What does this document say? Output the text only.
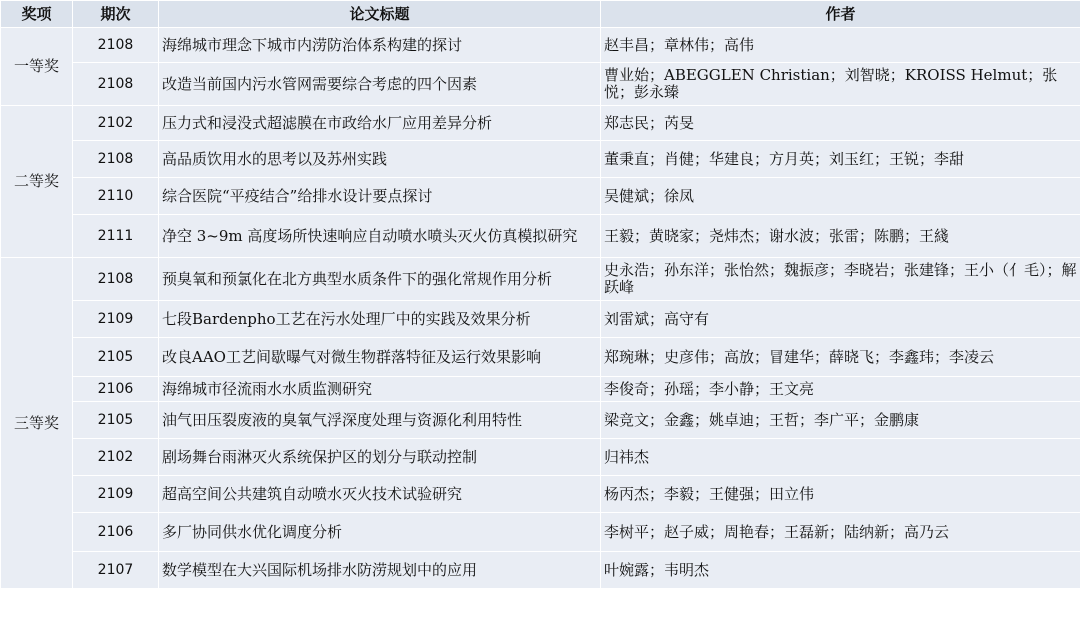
奖项	期次	论文标题	作者
一等奖	2108	海绵城市理念下城市内涝防治体系构建的探讨	赵丰昌；章林伟；高伟
	2108	改造当前国内污水管网需要综合考虑的四个因素	曹业始；ABEGGLEN Christian；刘智晓；KROISS Helmut；张悦；彭永臻
二等奖	2102	压力式和浸没式超滤膜在市政给水厂应用差异分析	郑志民；芮旻
	2108	高品质饮用水的思考以及苏州实践	董秉直；肖健；华建良；方月英；刘玉红；王锐；李甜
	2110	综合医院“平疫结合”给排水设计要点探讨	吴健斌；徐凤
	2111	净空 3~9m 高度场所快速响应自动喷水喷头灭火仿真模拟研究	王毅；黄晓家；尧炜杰；谢水波；张雷；陈鹏；王綫
三等奖	2108	预臭氧和预氯化在北方典型水质条件下的强化常规作用分析	史永浩；孙东洋；张怡然；魏振彦；李晓岩；张建锋；王小（亻毛）；解跃峰
	2109	七段Bardenpho工艺在污水处理厂中的实践及效果分析	刘雷斌；高守有
	2105	改良AAO工艺间歇曝气对微生物群落特征及运行效果影响	郑琬琳；史彦伟；高放；冒建华；薛晓飞；李鑫玮；李凌云
	2106	海绵城市径流雨水水质监测研究	李俊奇；孙瑶；李小静；王文亮
	2105	油气田压裂废液的臭氧气浮深度处理与资源化利用特性	梁竞文；金鑫；姚卓迪；王哲；李广平；金鹏康
	2102	剧场舞台雨淋灭火系统保护区的划分与联动控制	归祎杰
	2109	超高空间公共建筑自动喷水灭火技术试验研究	杨丙杰；李毅；王健强；田立伟
	2106	多厂协同供水优化调度分析	李树平；赵子威；周艳春；王磊新；陆纳新；高乃云
	2107	数学模型在大兴国际机场排水防涝规划中的应用	叶婉露；韦明杰
